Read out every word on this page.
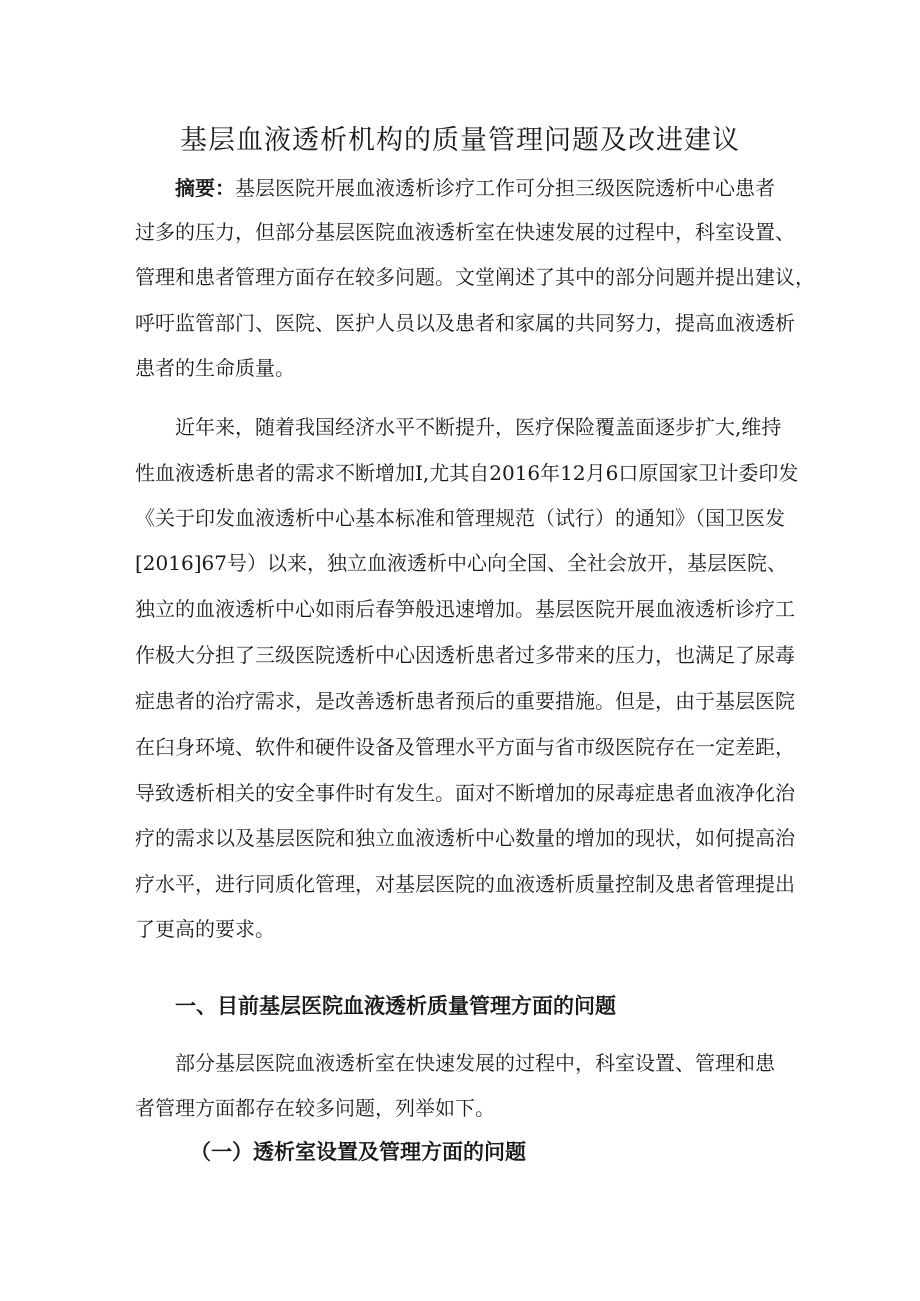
基层血液透析机构的质量管理问题及改进建议
摘要：基层医院开展血液透析诊疗工作可分担三级医院透析中心患者
过多的压力，但部分基层医院血液透析室在快速发展的过程中，科室设置、
管理和患者管理方面存在较多问题。文堂阐述了其中的部分问题并提出建议，
呼吁监管部门、医院、医护人员以及患者和家属的共同努力，提高血液透析
患者的生命质量。
近年来，随着我国经济水平不断提升，医疗保险覆盖面逐步扩大,维持
性血液透析患者的需求不断增加I,尤其自2016年12月6口原国家卫计委印发
《关于印发血液透析中心基本标准和管理规范（试行）的通知》（国卫医发
[2016]67号）以来，独立血液透析中心向全国、全社会放开，基层医院、
独立的血液透析中心如雨后春笋般迅速增加。基层医院开展血液透析诊疗工
作极大分担了三级医院透析中心因透析患者过多带来的压力，也满足了尿毒
症患者的治疗需求，是改善透析患者预后的重要措施。但是，由于基层医院
在臼身环境、软件和硬件设备及管理水平方面与省市级医院存在一定差距，
导致透析相关的安全事件时有发生。面对不断增加的尿毒症患者血液净化治
疗的需求以及基层医院和独立血液透析中心数量的增加的现状，如何提高治
疗水平，进行同质化管理，对基层医院的血液透析质量控制及患者管理提出
了更高的要求。
一、目前基层医院血液透析质量管理方面的问题
部分基层医院血液透析室在快速发展的过程中，科室设置、管理和患
者管理方面都存在较多问题，列举如下。
（一）透析室设置及管理方面的问题
